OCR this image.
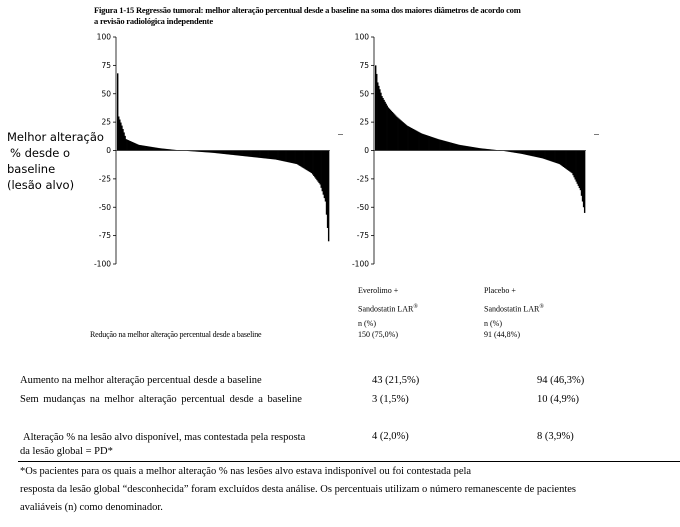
Figura 1-15 Regressão tumoral: melhor alteração percentual desde a baseline na soma dos maiores diâmetros de acordo com
a revisão radiológica independente
Melhor alteração
% desde o
baseline
(lesão alvo)
100
75
50
25
0
-25
-50
-75
-100
100
75
50
25
0
-25
-50
-75
-100
Everolimo +
Sandostatin LAR®
n (%)
Placebo +
Sandostatin LAR®
n (%)
Redução na melhor alteração percentual desde a baseline	150 (75,0%)	91 (44,8%)
Aumento na melhor alteração percentual desde a baseline	43 (21,5%)	94 (46,3%)
Sem mudanças na melhor alteração percentual desde a baseline	3 (1,5%)	10 (4,9%)
Alteração % na lesão alvo disponível, mas contestada pela resposta
da lesão global = PD*
4 (2,0%)	8 (3,9%)
*Os pacientes para os quais a melhor alteração % nas lesões alvo estava indisponível ou foi contestada pela
resposta da lesão global “desconhecida” foram excluídos desta análise. Os percentuais utilizam o número remanescente de pacientes
avaliáveis (n) como denominador.
